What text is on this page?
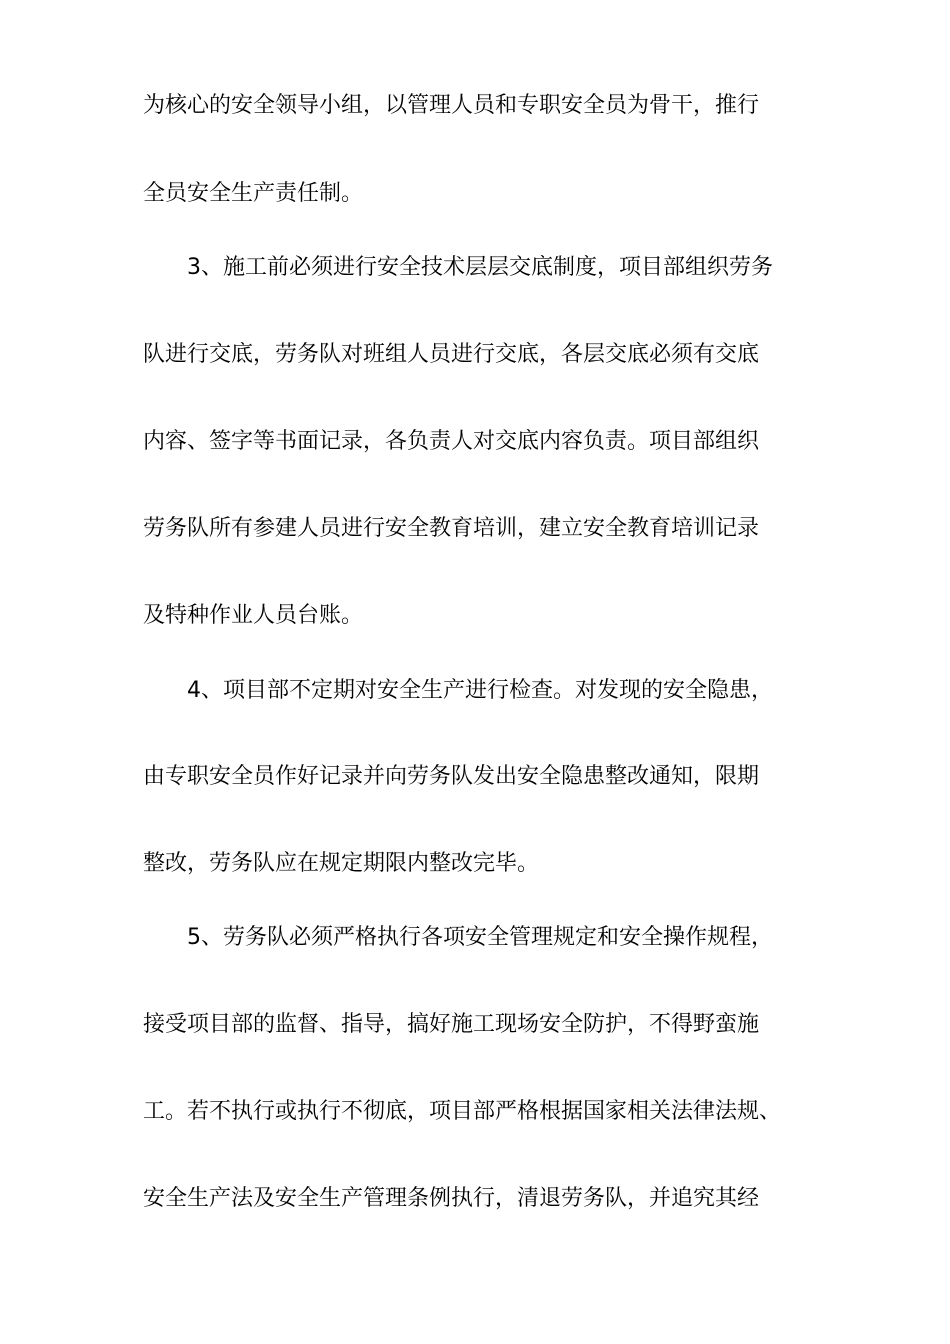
为核心的安全领导小组，以管理人员和专职安全员为骨干，推行
全员安全生产责任制。
3、施工前必须进行安全技术层层交底制度，项目部组织劳务
队进行交底，劳务队对班组人员进行交底，各层交底必须有交底
内容、签字等书面记录，各负责人对交底内容负责。项目部组织
劳务队所有参建人员进行安全教育培训，建立安全教育培训记录
及特种作业人员台账。
4、项目部不定期对安全生产进行检查。对发现的安全隐患，
由专职安全员作好记录并向劳务队发出安全隐患整改通知，限期
整改，劳务队应在规定期限内整改完毕。
5、劳务队必须严格执行各项安全管理规定和安全操作规程，
接受项目部的监督、指导，搞好施工现场安全防护，不得野蛮施
工。若不执行或执行不彻底，项目部严格根据国家相关法律法规、
安全生产法及安全生产管理条例执行，清退劳务队，并追究其经
